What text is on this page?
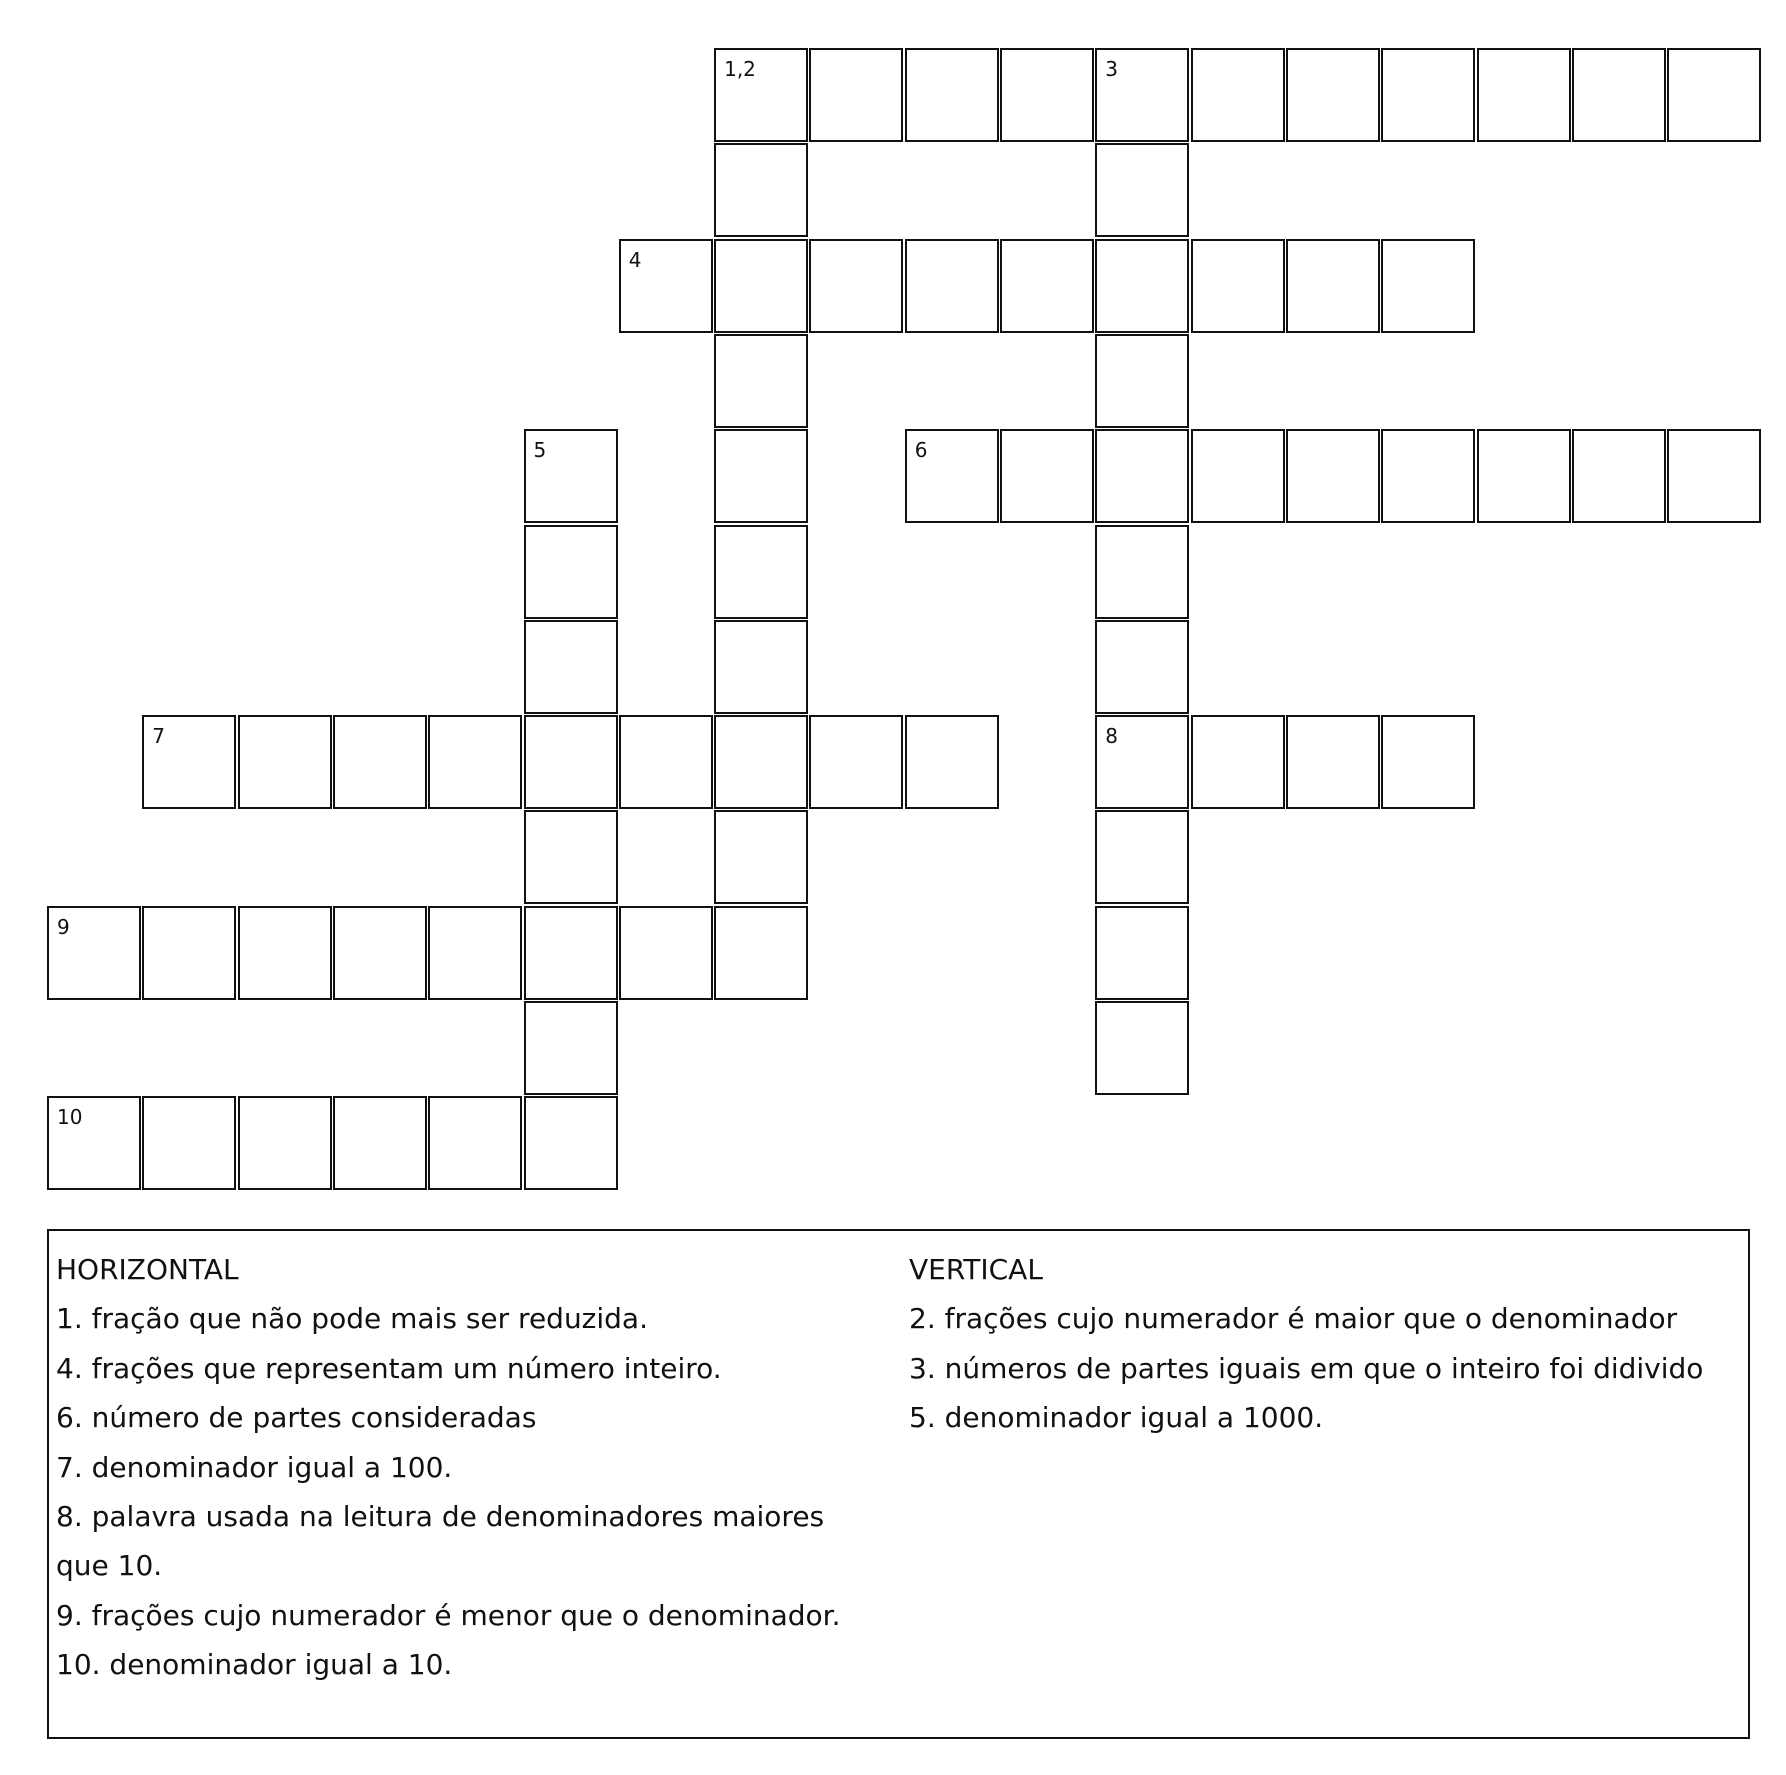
1,2	3
4
5	6
7	8
9
10
HORIZONTAL
1. fração que não pode mais ser reduzida.
4. frações que representam um número inteiro.
6. número de partes consideradas
7. denominador igual a 100.
8. palavra usada na leitura de denominadores maiores que 10.
9. frações cujo numerador é menor que o denominador.
10. denominador igual a 10.
VERTICAL
2. frações cujo numerador é maior que o denominador
3. números de partes iguais em que o inteiro foi didivido
5. denominador igual a 1000.
